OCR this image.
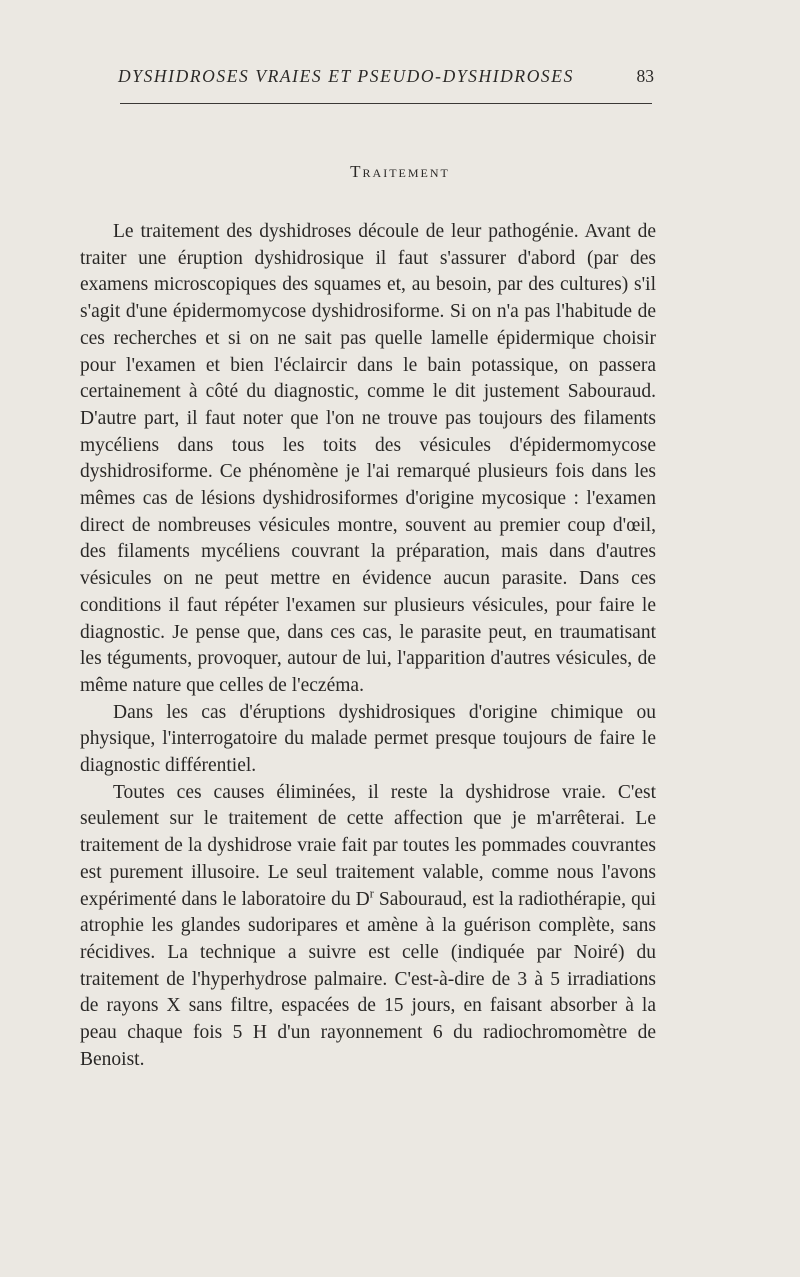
DYSHIDROSES VRAIES ET PSEUDO-DYSHIDROSES	83
Traitement

Le traitement des dyshidroses découle de leur pathogénie. Avant de traiter une éruption dyshidrosique il faut s'assurer d'abord (par des examens microscopiques des squames et, au besoin, par des cultures) s'il s'agit d'une épidermomycose dyshidrosiforme. Si on n'a pas l'habitude de ces recherches et si on ne sait pas quelle lamelle épidermique choisir pour l'examen et bien l'éclaircir dans le bain potassique, on passera certainement à côté du diagnostic, comme le dit justement Sabouraud. D'autre part, il faut noter que l'on ne trouve pas toujours des filaments mycéliens dans tous les toits des vésicules d'épidermomycose dyshidrosiforme. Ce phénomène je l'ai remarqué plusieurs fois dans les mêmes cas de lésions dyshidrosiformes d'origine mycosique : l'examen direct de nombreuses vésicules montre, souvent au premier coup d'œil, des filaments mycéliens couvrant la préparation, mais dans d'autres vésicules on ne peut mettre en évidence aucun parasite. Dans ces conditions il faut répéter l'examen sur plusieurs vésicules, pour faire le diagnostic. Je pense que, dans ces cas, le parasite peut, en traumatisant les téguments, provoquer, autour de lui, l'apparition d'autres vésicules, de même nature que celles de l'eczéma.

Dans les cas d'éruptions dyshidrosiques d'origine chimique ou physique, l'interrogatoire du malade permet presque toujours de faire le diagnostic différentiel.

Toutes ces causes éliminées, il reste la dyshidrose vraie. C'est seulement sur le traitement de cette affection que je m'arrêterai. Le traitement de la dyshidrose vraie fait par toutes les pommades couvrantes est purement illusoire. Le seul traitement valable, comme nous l'avons expérimenté dans le laboratoire du $D^r$ Sabouraud, est la radiothérapie, qui atrophie les glandes sudoripares et amène à la guérison complète, sans récidives. La technique a suivre est celle (indiquée par Noiré) du traitement de l'hyperhydrose palmaire. C'est-à-dire de 3 à 5 irradiations de rayons X sans filtre, espacées de 15 jours, en faisant absorber à la peau chaque fois 5 H d'un rayonnement 6 du radiochromomètre de Benoist.
